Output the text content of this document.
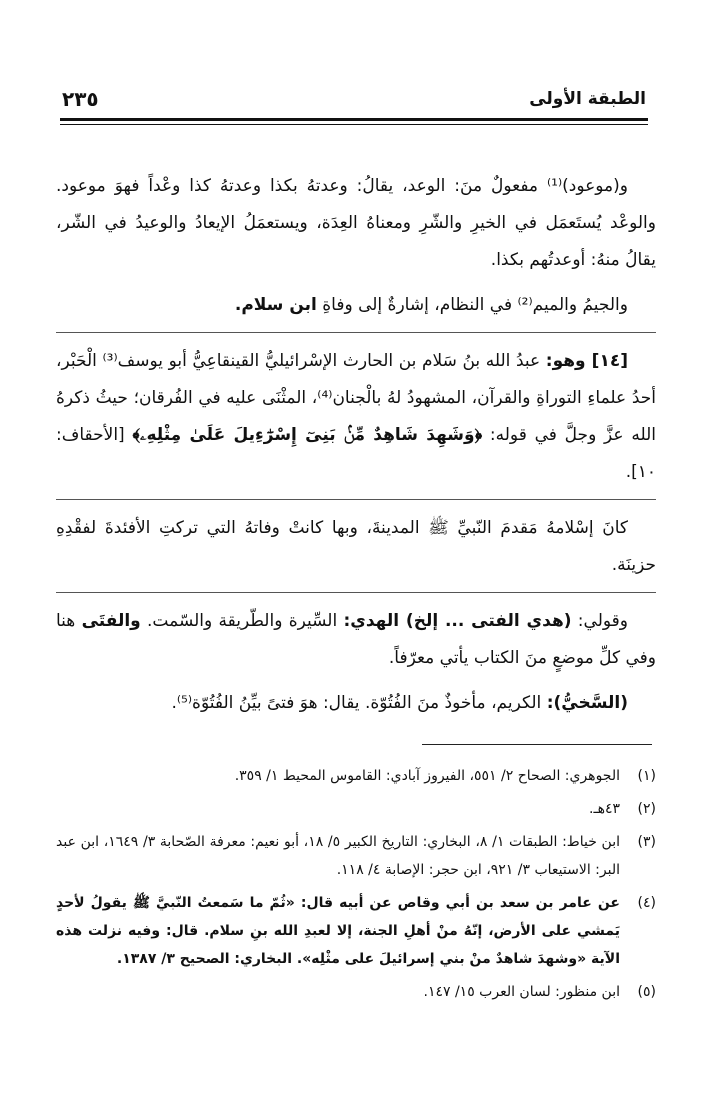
الطبقة الأولى
٢٣٥

و(موعود)⁽¹⁾ مفعولٌ منَ: الوعد، يقالُ: وعدتهُ بكذا وعدتهُ كذا وعْداً فهوَ موعود. والوعْد يُستَعمَل في الخيرِ والشّرِ ومعناهُ العِدَة، ويستعمَلُ الإيعادُ والوعيدُ في الشّر، يقالُ منهُ: أوعدتُهم بكذا.

والجيمُ والميم⁽²⁾ في النظام، إشارةٌ إلى وفاةِ ابن سلام.

[١٤] وهو: عبدُ الله بنُ سَلام بن الحارث الإسْرائيليُّ القينقاعِيُّ أبو يوسف⁽³⁾ الْحَبْر، أحدُ علماءِ التوراةِ والقرآن، المشهودُ لهُ بالْجنان⁽⁴⁾، المثْنَى عليه في الفُرقان؛ حيثُ ذكرهُ الله عزَّ وجلَّ في قوله: ﴿وَشَهِدَ شَاهِدٌ مِّنۢ بَنِىٓ إِسْرَٰٓءِيلَ عَلَىٰ مِثْلِهِۦ﴾ [الأحقاف: ١٠].

كانَ إسْلامهُ مَقدمَ النّبيِّ ﷺ المدينةَ، وبها كانتْ وفاتهُ التي تركتِ الأفئدةَ لفقْدِهِ حزينَة.

وقولي: (هدي الفتى ... إلخ) الهدي: السِّيرة والطّريقة والسّمت. والفتَى هنا وفي كلِّ موضعٍ منَ الكتاب يأتي معرّفاً.

(السَّخيُّ): الكريم، مأخوذٌ منَ الفُتُوّة. يقال: هوَ فتىً بيِّنُ الفُتُوّة⁽⁵⁾.

(١)
الجوهري: الصحاح ٢/ ٥٥١، الفيروز آبادي: القاموس المحيط ١/ ٣٥٩.
(٢)
٤٣هـ.
(٣)
ابن خياط: الطبقات ١/ ٨، البخاري: التاريخ الكبير ٥/ ١٨، أبو نعيم: معرفة الصّحابة ٣/ ١٦٤٩، ابن عبد البر: الاستيعاب ٣/ ٩٢١، ابن حجر: الإصابة ٤/ ١١٨.
(٤)
عن عامر بن سعد بن أبي وقاص عن أبيه قال: «ثُمّ ما سَمعتُ النّبيَّ ﷺ يقولُ لأحدٍ يَمشي على الأرض، إنّهُ منْ أهلِ الجنة، إلا لعبدِ الله بنِ سلام. قال: وفيه نزلت هذه الآية «وشهدَ شاهدٌ منْ بني إسرائيلَ على مثْلِه». البخاري: الصحيح ٣/ ١٣٨٧.
(٥)
ابن منظور: لسان العرب ١٥/ ١٤٧.
